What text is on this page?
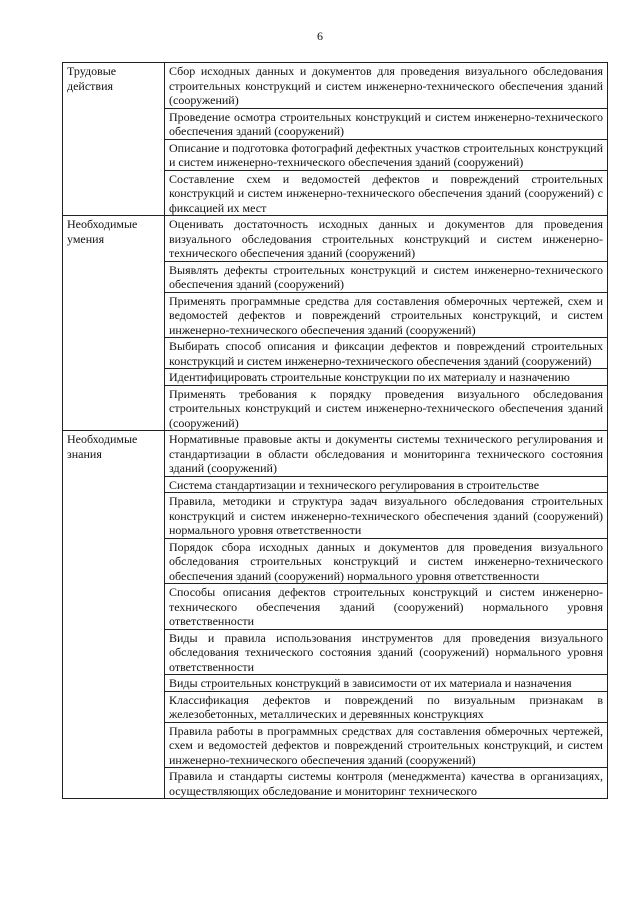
6
Трудовые действия	Сбор исходных данных и документов для проведения визуального обследования строительных конструкций и систем инженерно-технического обеспечения зданий (сооружений)
	Проведение осмотра строительных конструкций и систем инженерно-технического обеспечения зданий (сооружений)
	Описание и подготовка фотографий дефектных участков строительных конструкций и систем инженерно-технического обеспечения зданий (сооружений)
	Составление схем и ведомостей дефектов и повреждений строительных конструкций и систем инженерно-технического обеспечения зданий (сооружений) с фиксацией их мест
Необходимые умения	Оценивать достаточность исходных данных и документов для проведения визуального обследования строительных конструкций и систем инженерно-технического обеспечения зданий (сооружений)
	Выявлять дефекты строительных конструкций и систем инженерно-технического обеспечения зданий (сооружений)
	Применять программные средства для составления обмерочных чертежей, схем и ведомостей дефектов и повреждений строительных конструкций, и систем инженерно-технического обеспечения зданий (сооружений)
	Выбирать способ описания и фиксации дефектов и повреждений строительных конструкций и систем инженерно-технического обеспечения зданий (сооружений)
	Идентифицировать строительные конструкции по их материалу и назначению
	Применять требования к порядку проведения визуального обследования строительных конструкций и систем инженерно-технического обеспечения зданий (сооружений)
Необходимые знания	Нормативные правовые акты и документы системы технического регулирования и стандартизации в области обследования и мониторинга технического состояния зданий (сооружений)
	Система стандартизации и технического регулирования в строительстве
	Правила, методики и структура задач визуального обследования строительных конструкций и систем инженерно-технического обеспечения зданий (сооружений) нормального уровня ответственности
	Порядок сбора исходных данных и документов для проведения визуального обследования строительных конструкций и систем инженерно-технического обеспечения зданий (сооружений) нормального уровня ответственности
	Способы описания дефектов строительных конструкций и систем инженерно-технического обеспечения зданий (сооружений) нормального уровня ответственности
	Виды и правила использования инструментов для проведения визуального обследования технического состояния зданий (сооружений) нормального уровня ответственности
	Виды строительных конструкций в зависимости от их материала и назначения
	Классификация дефектов и повреждений по визуальным признакам в железобетонных, металлических и деревянных конструкциях
	Правила работы в программных средствах для составления обмерочных чертежей, схем и ведомостей дефектов и повреждений строительных конструкций, и систем инженерно-технического обеспечения зданий (сооружений)
	Правила и стандарты системы контроля (менеджмента) качества в организациях, осуществляющих обследование и мониторинг технического
